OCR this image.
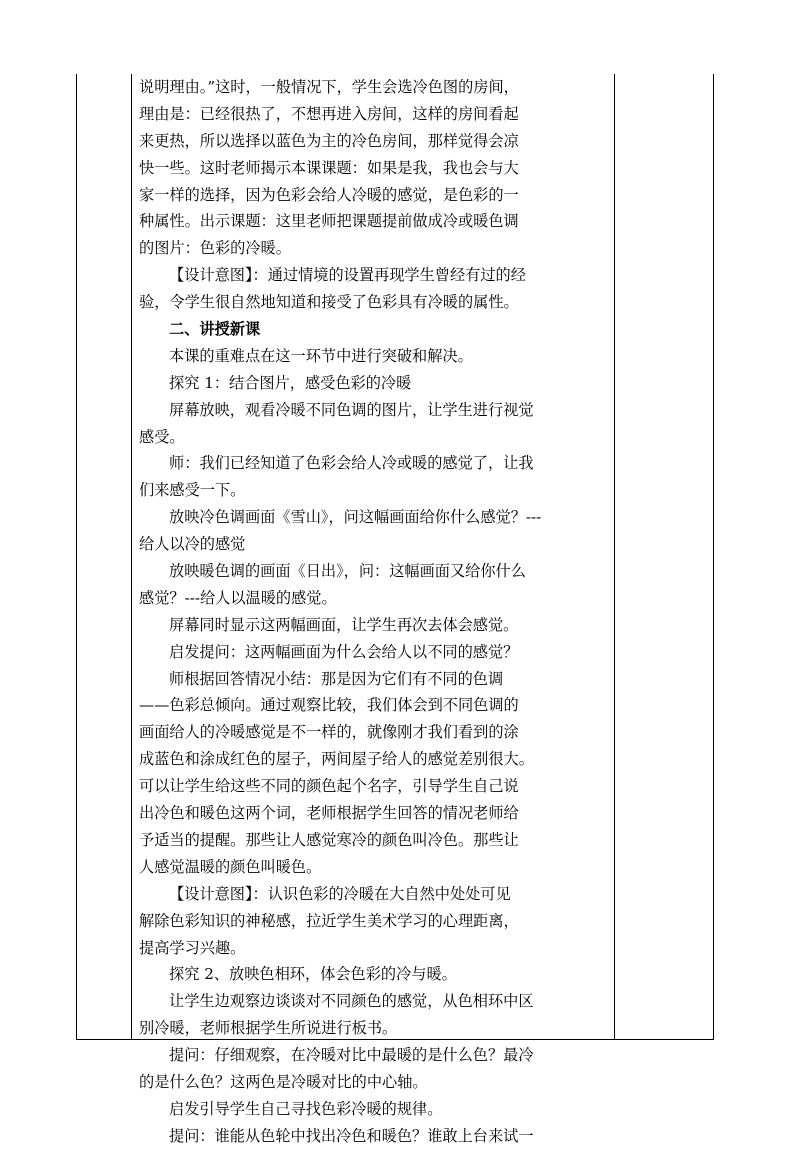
说明理由。”这时，一般情况下，学生会选冷色图的房间，
理由是：已经很热了，不想再进入房间，这样的房间看起
来更热，所以选择以蓝色为主的冷色房间，那样觉得会凉
快一些。这时老师揭示本课课题：如果是我，我也会与大
家一样的选择，因为色彩会给人冷暖的感觉，是色彩的一
种属性。出示课题：这里老师把课题提前做成冷或暖色调
的图片：色彩的冷暖。
【设计意图】：通过情境的设置再现学生曾经有过的经
验，令学生很自然地知道和接受了色彩具有冷暖的属性。
二、讲授新课
本课的重难点在这一环节中进行突破和解决。
探究 1：结合图片，感受色彩的冷暖
屏幕放映，观看冷暖不同色调的图片，让学生进行视觉
感受。
师：我们已经知道了色彩会给人冷或暖的感觉了，让我
们来感受一下。
放映冷色调画面《雪山》，问这幅画面给你什么感觉？---
给人以冷的感觉
放映暖色调的画面《日出》，问：这幅画面又给你什么
感觉？---给人以温暖的感觉。
屏幕同时显示这两幅画面，让学生再次去体会感觉。
启发提问：这两幅画面为什么会给人以不同的感觉？
师根据回答情况小结：那是因为它们有不同的色调
——色彩总倾向。通过观察比较，我们体会到不同色调的
画面给人的冷暖感觉是不一样的，就像刚才我们看到的涂
成蓝色和涂成红色的屋子，两间屋子给人的感觉差别很大。
可以让学生给这些不同的颜色起个名字，引导学生自己说
出冷色和暖色这两个词，老师根据学生回答的情况老师给
予适当的提醒。那些让人感觉寒冷的颜色叫冷色。那些让
人感觉温暖的颜色叫暖色。
【设计意图】：认识色彩的冷暖在大自然中处处可见
解除色彩知识的神秘感，拉近学生美术学习的心理距离，
提高学习兴趣。
探究 2、放映色相环，体会色彩的冷与暖。
让学生边观察边谈谈对不同颜色的感觉，从色相环中区
别冷暖，老师根据学生所说进行板书。
提问：仔细观察，在冷暖对比中最暖的是什么色？最冷
的是什么色？这两色是冷暖对比的中心轴。
启发引导学生自己寻找色彩冷暖的规律。
提问：谁能从色轮中找出冷色和暖色？谁敢上台来试一
